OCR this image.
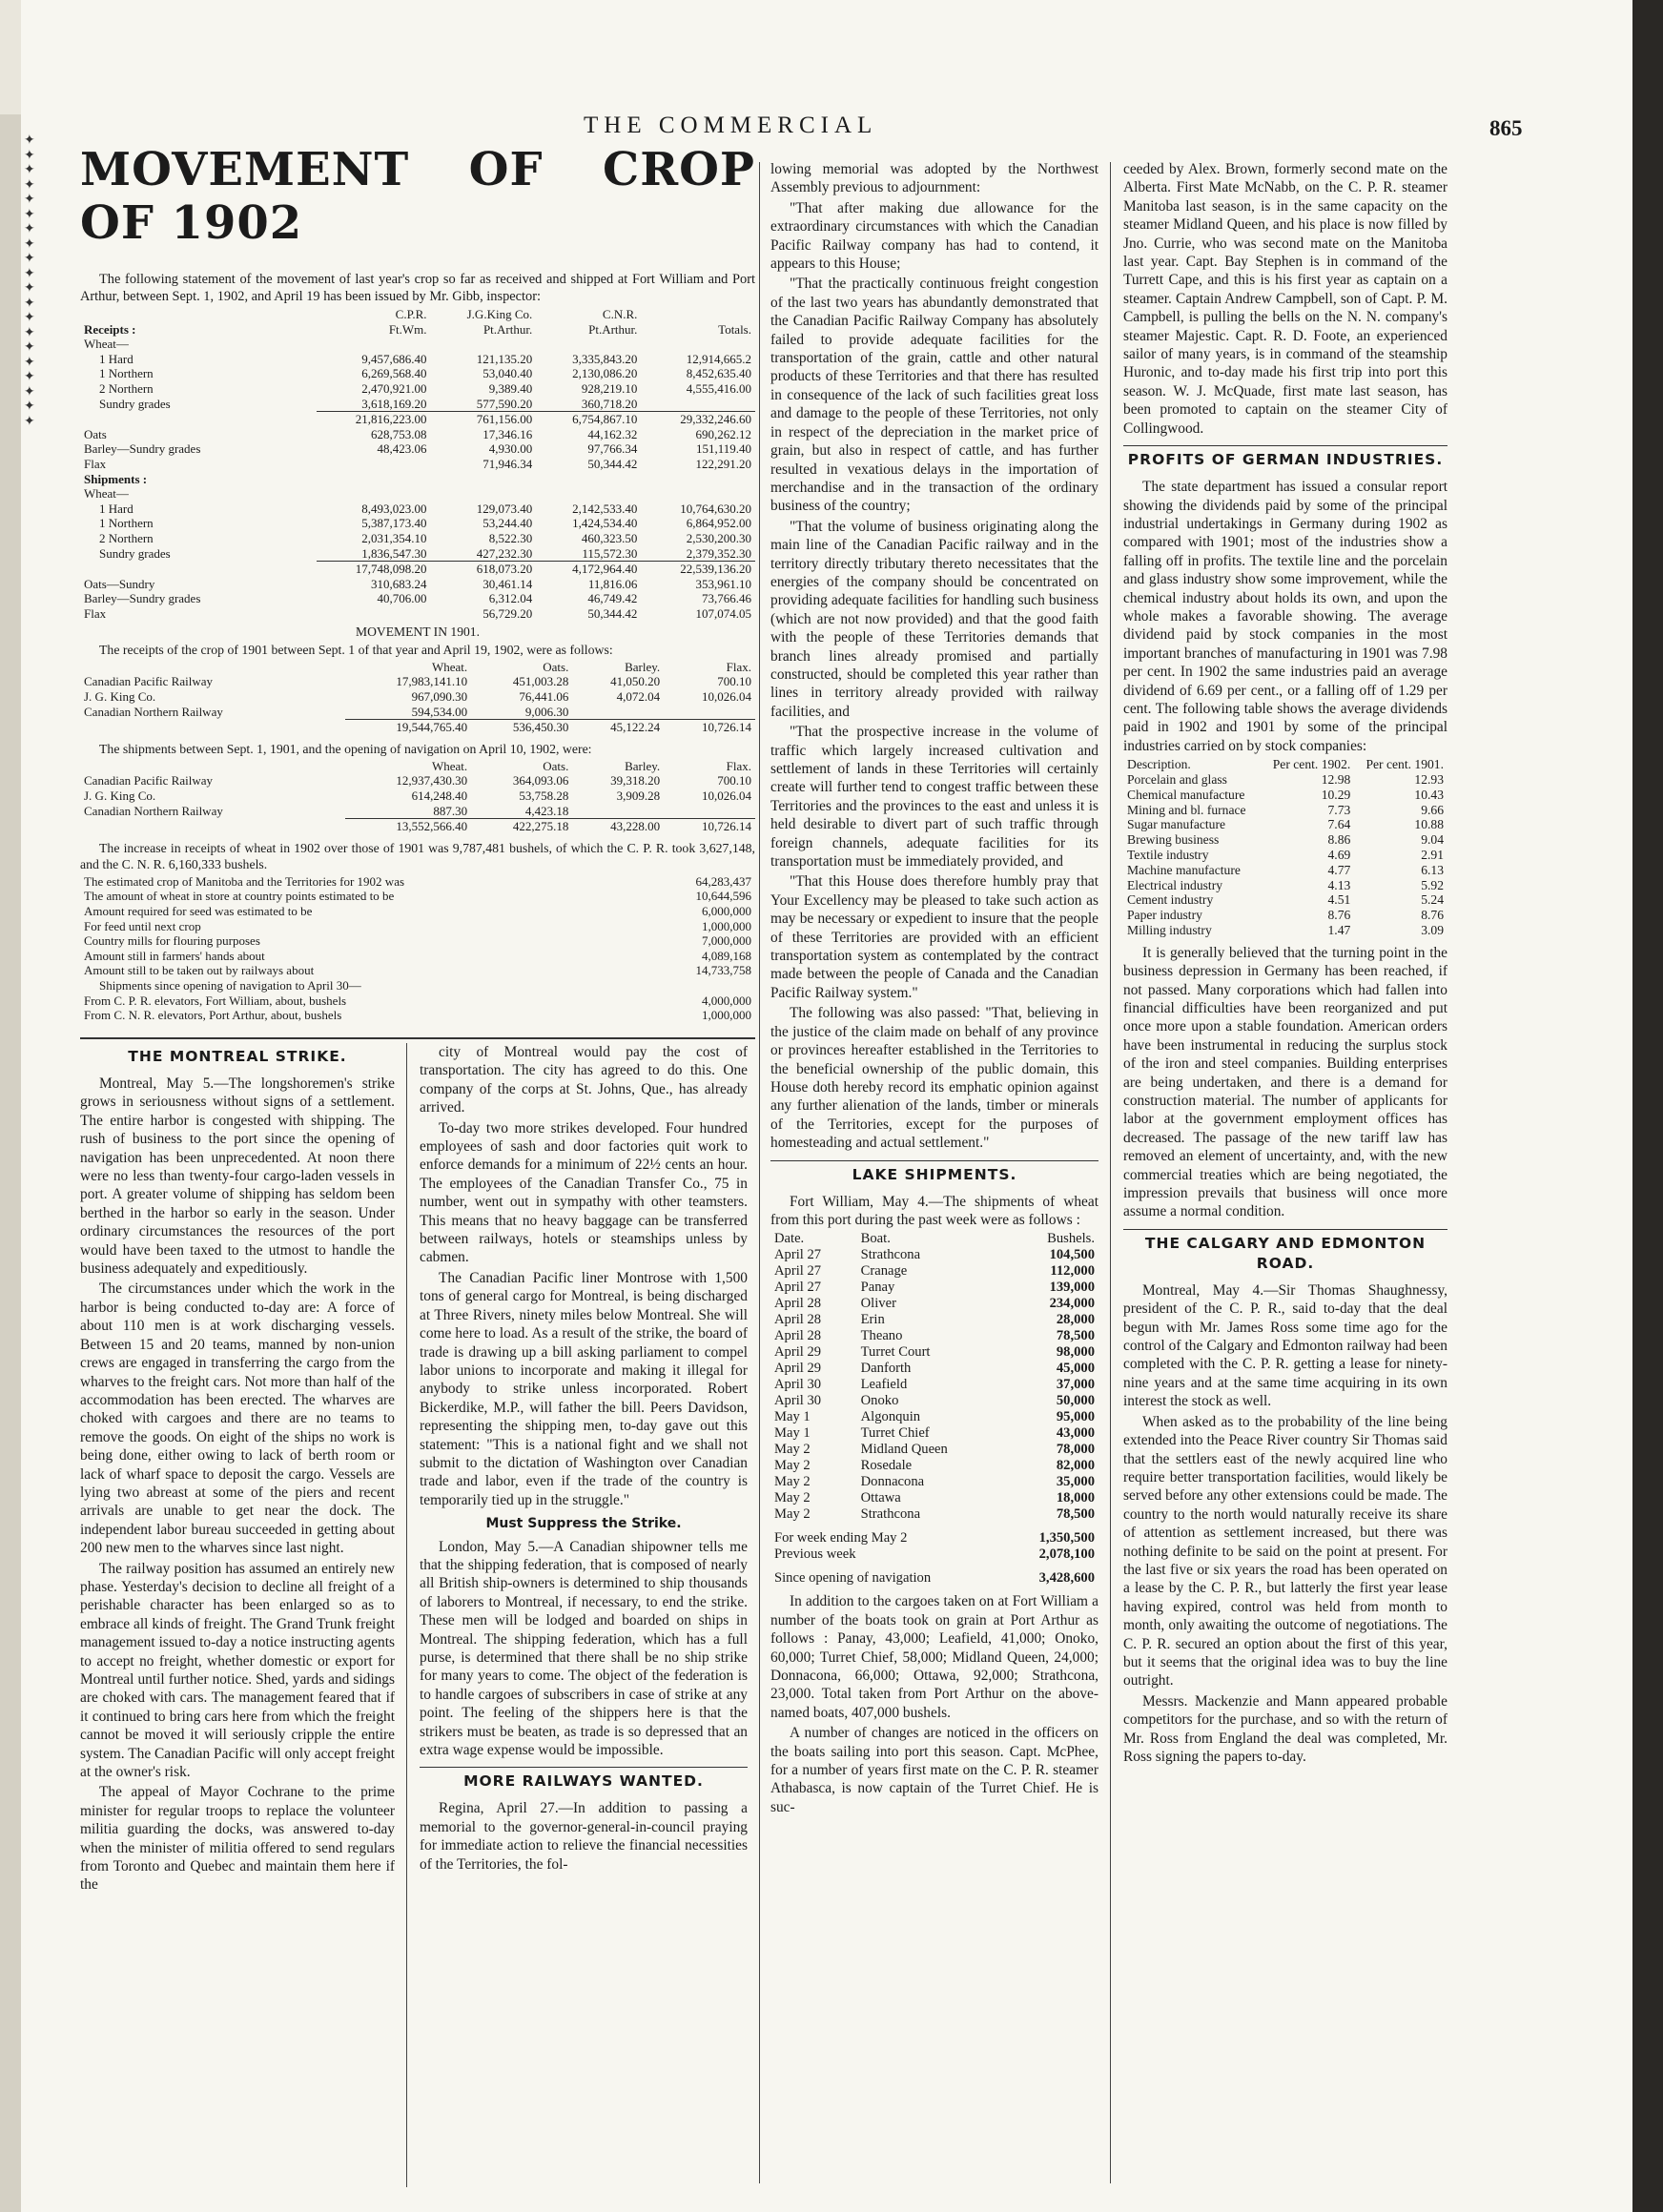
✦
✦
✦
✦
✦
✦
✦
✦
✦
✦
✦
✦
✦
✦
✦
✦
✦
✦
✦
✦
THE COMMERCIAL	865
MOVEMENT OF CROP OF 1902

The following statement of the movement of last year's crop so far as received and shipped at Fort William and Port Arthur, between Sept. 1, 1902, and April 19 has been issued by Mr. Gibb, inspector:

	C.P.R.	J.G.King Co.	C.N.R.	
Receipts :	Ft.Wm.	Pt.Arthur.	Pt.Arthur.	Totals.
Wheat—				
1 Hard	9,457,686.40	121,135.20	3,335,843.20	12,914,665.2
1 Northern	6,269,568.40	53,040.40	2,130,086.20	8,452,635.40
2 Northern	2,470,921.00	9,389.40	928,219.10	4,555,416.00
Sundry grades	3,618,169.20	577,590.20	360,718.20	
	21,816,223.00	761,156.00	6,754,867.10	29,332,246.60
Oats	628,753.08	17,346.16	44,162.32	690,262.12
Barley—Sundry grades	48,423.06	4,930.00	97,766.34	151,119.40
Flax		71,946.34	50,344.42	122,291.20
Shipments :				
Wheat—				
1 Hard	8,493,023.00	129,073.40	2,142,533.40	10,764,630.20
1 Northern	5,387,173.40	53,244.40	1,424,534.40	6,864,952.00
2 Northern	2,031,354.10	8,522.30	460,323.50	2,530,200.30
Sundry grades	1,836,547.30	427,232.30	115,572.30	2,379,352.30
	17,748,098.20	618,073.20	4,172,964.40	22,539,136.20
Oats—Sundry	310,683.24	30,461.14	11,816.06	353,961.10
Barley—Sundry grades	40,706.00	6,312.04	46,749.42	73,766.46
Flax		56,729.20	50,344.42	107,074.05
MOVEMENT IN 1901.

The receipts of the crop of 1901 between Sept. 1 of that year and April 19, 1902, were as follows:

	Wheat.	Oats.	Barley.	Flax.
Canadian Pacific Railway	17,983,141.10	451,003.28	41,050.20	700.10
J. G. King Co.	967,090.30	76,441.06	4,072.04	10,026.04
Canadian Northern Railway	594,534.00	9,006.30		
	19,544,765.40	536,450.30	45,122.24	10,726.14

The shipments between Sept. 1, 1901, and the opening of navigation on April 10, 1902, were:

	Wheat.	Oats.	Barley.	Flax.
Canadian Pacific Railway	12,937,430.30	364,093.06	39,318.20	700.10
J. G. King Co.	614,248.40	53,758.28	3,909.28	10,026.04
Canadian Northern Railway	887.30	4,423.18		
	13,552,566.40	422,275.18	43,228.00	10,726.14

The increase in receipts of wheat in 1902 over those of 1901 was 9,787,481 bushels, of which the C. P. R. took 3,627,148, and the C. N. R. 6,160,333 bushels.

The estimated crop of Manitoba and the Territories for 1902 was	64,283,437
The amount of wheat in store at country points estimated to be	10,644,596
Amount required for seed was estimated to be	6,000,000
For feed until next crop	1,000,000
Country mills for flouring purposes	7,000,000
Amount still in farmers' hands about	4,089,168
Amount still to be taken out by railways about	14,733,758
Shipments since opening of navigation to April 30—	
From C. P. R. elevators, Fort William, about, bushels	4,000,000
From C. N. R. elevators, Port Arthur, about, bushels	1,000,000
THE MONTREAL STRIKE.

Montreal, May 5.—The longshoremen's strike grows in seriousness without signs of a settlement. The entire harbor is congested with shipping. The rush of business to the port since the opening of navigation has been unprecedented. At noon there were no less than twenty-four cargo-laden vessels in port. A greater volume of shipping has seldom been berthed in the harbor so early in the season. Under ordinary circumstances the resources of the port would have been taxed to the utmost to handle the business adequately and expeditiously.

The circumstances under which the work in the harbor is being conducted to-day are: A force of about 110 men is at work discharging vessels. Between 15 and 20 teams, manned by non-union crews are engaged in transferring the cargo from the wharves to the freight cars. Not more than half of the accommodation has been erected. The wharves are choked with cargoes and there are no teams to remove the goods. On eight of the ships no work is being done, either owing to lack of berth room or lack of wharf space to deposit the cargo. Vessels are lying two abreast at some of the piers and recent arrivals are unable to get near the dock. The independent labor bureau succeeded in getting about 200 new men to the wharves since last night.

The railway position has assumed an entirely new phase. Yesterday's decision to decline all freight of a perishable character has been enlarged so as to embrace all kinds of freight. The Grand Trunk freight management issued to-day a notice instructing agents to accept no freight, whether domestic or export for Montreal until further notice. Shed, yards and sidings are choked with cars. The management feared that if it continued to bring cars here from which the freight cannot be moved it will seriously cripple the entire system. The Canadian Pacific will only accept freight at the owner's risk.

The appeal of Mayor Cochrane to the prime minister for regular troops to replace the volunteer militia guarding the docks, was answered to-day when the minister of militia offered to send regulars from Toronto and Quebec and maintain them here if the

city of Montreal would pay the cost of transportation. The city has agreed to do this. One company of the corps at St. Johns, Que., has already arrived.

To-day two more strikes developed. Four hundred employees of sash and door factories quit work to enforce demands for a minimum of 22½ cents an hour. The employees of the Canadian Transfer Co., 75 in number, went out in sympathy with other teamsters. This means that no heavy baggage can be transferred between railways, hotels or steamships unless by cabmen.

The Canadian Pacific liner Montrose with 1,500 tons of general cargo for Montreal, is being discharged at Three Rivers, ninety miles below Montreal. She will come here to load. As a result of the strike, the board of trade is drawing up a bill asking parliament to compel labor unions to incorporate and making it illegal for anybody to strike unless incorporated. Robert Bickerdike, M.P., will father the bill. Peers Davidson, representing the shipping men, to-day gave out this statement: "This is a national fight and we shall not submit to the dictation of Washington over Canadian trade and labor, even if the trade of the country is temporarily tied up in the struggle."

Must Suppress the Strike.

London, May 5.—A Canadian shipowner tells me that the shipping federation, that is composed of nearly all British ship-owners is determined to ship thousands of laborers to Montreal, if necessary, to end the strike. These men will be lodged and boarded on ships in Montreal. The shipping federation, which has a full purse, is determined that there shall be no ship strike for many years to come. The object of the federation is to handle cargoes of subscribers in case of strike at any point. The feeling of the shippers here is that the strikers must be beaten, as trade is so depressed that an extra wage expense would be impossible.

MORE RAILWAYS WANTED.

Regina, April 27.—In addition to passing a memorial to the governor-general-in-council praying for immediate action to relieve the financial necessities of the Territories, the fol-

lowing memorial was adopted by the Northwest Assembly previous to adjournment:

"That after making due allowance for the extraordinary circumstances with which the Canadian Pacific Railway company has had to contend, it appears to this House;

"That the practically continuous freight congestion of the last two years has abundantly demonstrated that the Canadian Pacific Railway Company has absolutely failed to provide adequate facilities for the transportation of the grain, cattle and other natural products of these Territories and that there has resulted in consequence of the lack of such facilities great loss and damage to the people of these Territories, not only in respect of the depreciation in the market price of grain, but also in respect of cattle, and has further resulted in vexatious delays in the importation of merchandise and in the transaction of the ordinary business of the country;

"That the volume of business originating along the main line of the Canadian Pacific railway and in the territory directly tributary thereto necessitates that the energies of the company should be concentrated on providing adequate facilities for handling such business (which are not now provided) and that the good faith with the people of these Territories demands that branch lines already promised and partially constructed, should be completed this year rather than lines in territory already provided with railway facilities, and

"That the prospective increase in the volume of traffic which largely increased cultivation and settlement of lands in these Territories will certainly create will further tend to congest traffic between these Territories and the provinces to the east and unless it is held desirable to divert part of such traffic through foreign channels, adequate facilities for its transportation must be immediately provided, and

"That this House does therefore humbly pray that Your Excellency may be pleased to take such action as may be necessary or expedient to insure that the people of these Territories are provided with an efficient transportation system as contemplated by the contract made between the people of Canada and the Canadian Pacific Railway system."

The following was also passed: "That, believing in the justice of the claim made on behalf of any province or provinces hereafter established in the Territories to the beneficial ownership of the public domain, this House doth hereby record its emphatic opinion against any further alienation of the lands, timber or minerals of the Territories, except for the purposes of homesteading and actual settlement."

LAKE SHIPMENTS.

Fort William, May 4.—The shipments of wheat from this port during the past week were as follows :

Date.	Boat.	Bushels.
April 27	Strathcona	104,500
April 27	Cranage	112,000
April 27	Panay	139,000
April 28	Oliver	234,000
April 28	Erin	28,000
April 28	Theano	78,500
April 29	Turret Court	98,000
April 29	Danforth	45,000
April 30	Leafield	37,000
April 30	Onoko	50,000
May 1	Algonquin	95,000
May 1	Turret Chief	43,000
May 2	Midland Queen	78,000
May 2	Rosedale	82,000
May 2	Donnacona	35,000
May 2	Ottawa	18,000
May 2	Strathcona	78,500
For week ending May 2		1,350,500
Previous week		2,078,100
Since opening of navigation		3,428,600

In addition to the cargoes taken on at Fort William a number of the boats took on grain at Port Arthur as follows : Panay, 43,000; Leafield, 41,000; Onoko, 60,000; Turret Chief, 58,000; Midland Queen, 24,000; Donnacona, 66,000; Ottawa, 92,000; Strathcona, 23,000. Total taken from Port Arthur on the above-named boats, 407,000 bushels.

A number of changes are noticed in the officers on the boats sailing into port this season. Capt. McPhee, for a number of years first mate on the C. P. R. steamer Athabasca, is now captain of the Turret Chief. He is suc-

ceeded by Alex. Brown, formerly second mate on the Alberta. First Mate McNabb, on the C. P. R. steamer Manitoba last season, is in the same capacity on the steamer Midland Queen, and his place is now filled by Jno. Currie, who was second mate on the Manitoba last year. Capt. Bay Stephen is in command of the Turrett Cape, and this is his first year as captain on a steamer. Captain Andrew Campbell, son of Capt. P. M. Campbell, is pulling the bells on the N. N. company's steamer Majestic. Capt. R. D. Foote, an experienced sailor of many years, is in command of the steamship Huronic, and to-day made his first trip into port this season. W. J. McQuade, first mate last season, has been promoted to captain on the steamer City of Collingwood.

PROFITS OF GERMAN INDUSTRIES.

The state department has issued a consular report showing the dividends paid by some of the principal industrial undertakings in Germany during 1902 as compared with 1901; most of the industries show a falling off in profits. The textile line and the porcelain and glass industry show some improvement, while the chemical industry about holds its own, and upon the whole makes a favorable showing. The average dividend paid by stock companies in the most important branches of manufacturing in 1901 was 7.98 per cent. In 1902 the same industries paid an average dividend of 6.69 per cent., or a falling off of 1.29 per cent. The following table shows the average dividends paid in 1902 and 1901 by some of the principal industries carried on by stock companies:

Description.	Per cent. 1902.	Per cent. 1901.
Porcelain and glass	12.98	12.93
Chemical manufacture	10.29	10.43
Mining and bl. furnace	7.73	9.66
Sugar manufacture	7.64	10.88
Brewing business	8.86	9.04
Textile industry	4.69	2.91
Machine manufacture	4.77	6.13
Electrical industry	4.13	5.92
Cement industry	4.51	5.24
Paper industry	8.76	8.76
Milling industry	1.47	3.09

It is generally believed that the turning point in the business depression in Germany has been reached, if not passed. Many corporations which had fallen into financial difficulties have been reorganized and put once more upon a stable foundation. American orders have been instrumental in reducing the surplus stock of the iron and steel companies. Building enterprises are being undertaken, and there is a demand for construction material. The number of applicants for labor at the government employment offices has decreased. The passage of the new tariff law has removed an element of uncertainty, and, with the new commercial treaties which are being negotiated, the impression prevails that business will once more assume a normal condition.

THE CALGARY AND EDMONTON ROAD.

Montreal, May 4.—Sir Thomas Shaughnessy, president of the C. P. R., said to-day that the deal begun with Mr. James Ross some time ago for the control of the Calgary and Edmonton railway had been completed with the C. P. R. getting a lease for ninety-nine years and at the same time acquiring in its own interest the stock as well.

When asked as to the probability of the line being extended into the Peace River country Sir Thomas said that the settlers east of the newly acquired line who require better transportation facilities, would likely be served before any other extensions could be made. The country to the north would naturally receive its share of attention as settlement increased, but there was nothing definite to be said on the point at present. For the last five or six years the road has been operated on a lease by the C. P. R., but latterly the first year lease having expired, control was held from month to month, only awaiting the outcome of negotiations. The C. P. R. secured an option about the first of this year, but it seems that the original idea was to buy the line outright.

Messrs. Mackenzie and Mann appeared probable competitors for the purchase, and so with the return of Mr. Ross from England the deal was completed, Mr. Ross signing the papers to-day.
